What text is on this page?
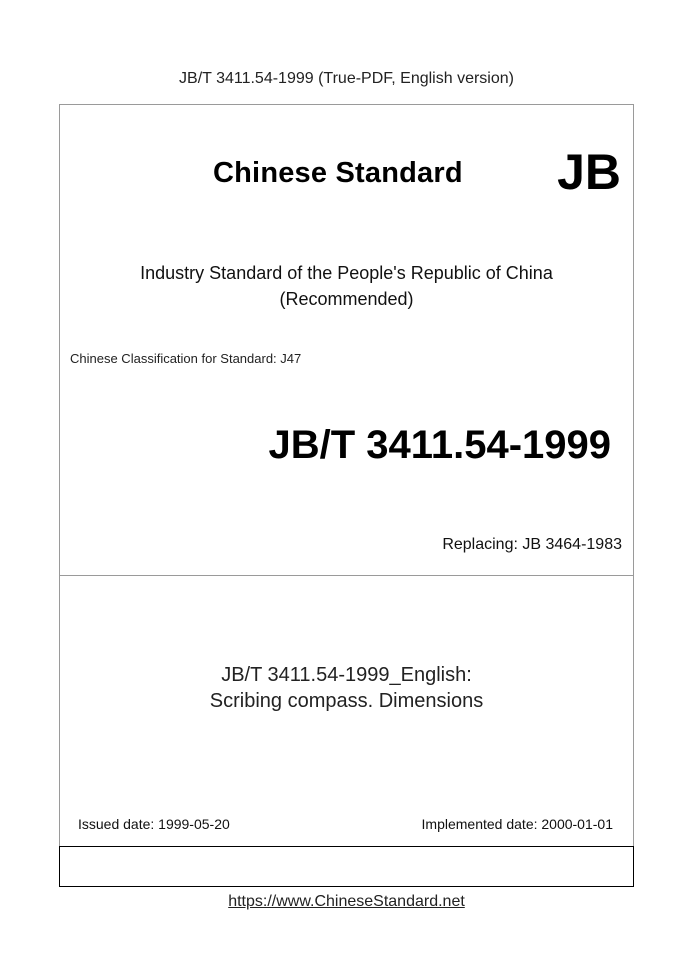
JB/T 3411.54-1999 (True-PDF, English version)
Chinese Standard JB
Industry Standard of the People's Republic of China
(Recommended)
Chinese Classification for Standard: J47
JB/T 3411.54-1999
Replacing: JB 3464-1983
JB/T 3411.54-1999_English:
Scribing compass. Dimensions
Issued date: 1999-05-20	Implemented date: 2000-01-01
https://www.ChineseStandard.net
